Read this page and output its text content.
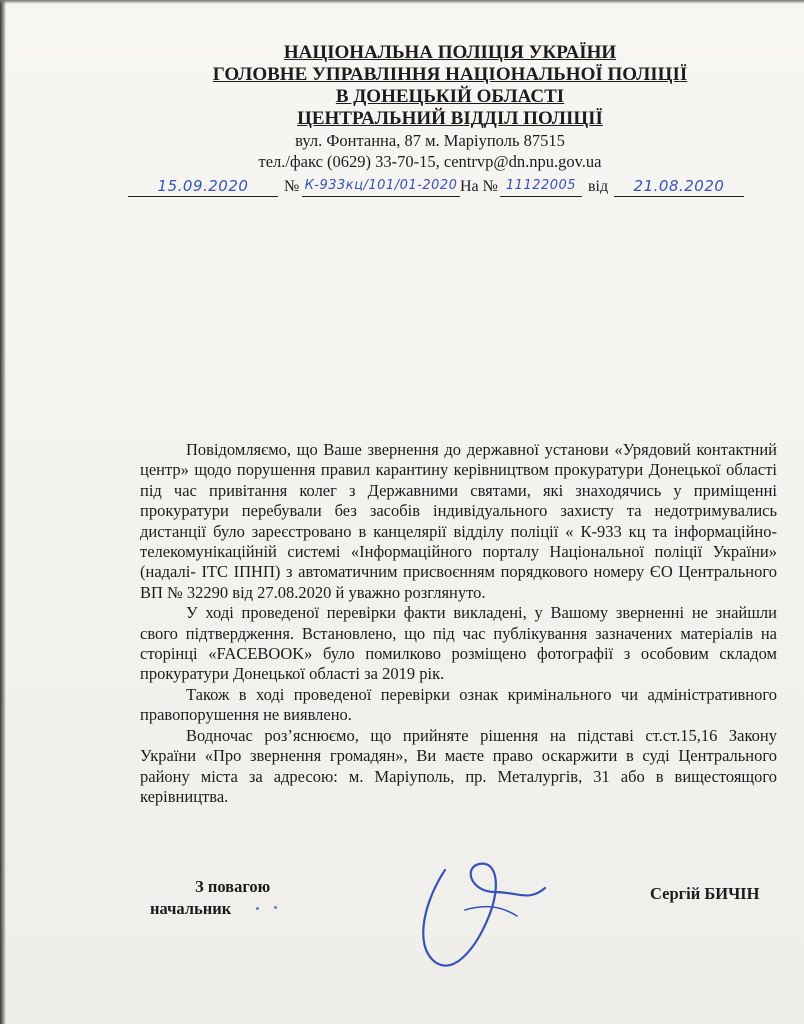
НАЦІОНАЛЬНА ПОЛІЦІЯ УКРАЇНИ
ГОЛОВНЕ УПРАВЛІННЯ НАЦІОНАЛЬНОЇ ПОЛІЦІЇ
В ДОНЕЦЬКІЙ ОБЛАСТІ
ЦЕНТРАЛЬНИЙ ВІДДІЛ ПОЛІЦІЇ
вул. Фонтанна, 87 м. Маріуполь 87515
тел./факс (0629) 33-70-15, centrvp@dn.npu.gov.ua
15.09.2020	№ К-933кц/101/01-2020 На № 11122005 від	21.08.2020

Повідомляємо, що Ваше звернення до державної установи «Урядовий контактний центр» щодо порушення правил карантину керівництвом прокуратури Донецької області під час привітання колег з Державними святами, які знаходячись у приміщенні прокуратури перебували без засобів індивідуального захисту та недотримувались дистанції було зареєстровано в канцелярії відділу поліції « К-933 кц та інформаційно-телекомунікаційній системі «Інформаційного порталу Національної поліції України» (надалі- ІТС ІПНП) з автоматичним присвоєнням порядкового номеру ЄО Центрального ВП № 32290 від 27.08.2020 й уважно розглянуто.

У ході проведеної перевірки факти викладені, у Вашому зверненні не знайшли свого підтвердження. Встановлено, що під час публікування зазначених матеріалів на сторінці «FACEBOOK» було помилково розміщено фотографії з особовим складом прокуратури Донецької області за 2019 рік.

Також в ході проведеної перевірки ознак кримінального чи адміністративного правопорушення не виявлено.

Водночас роз’яснюємо, що прийняте рішення на підставі ст.ст.15,16 Закону України «Про звернення громадян», Ви маєте право оскаржити в суді Центрального району міста за адресою: м. Маріуполь, пр. Металургів, 31 або в вищестоящого керівництва.

З повагою
начальник
Сергій БИЧІН
